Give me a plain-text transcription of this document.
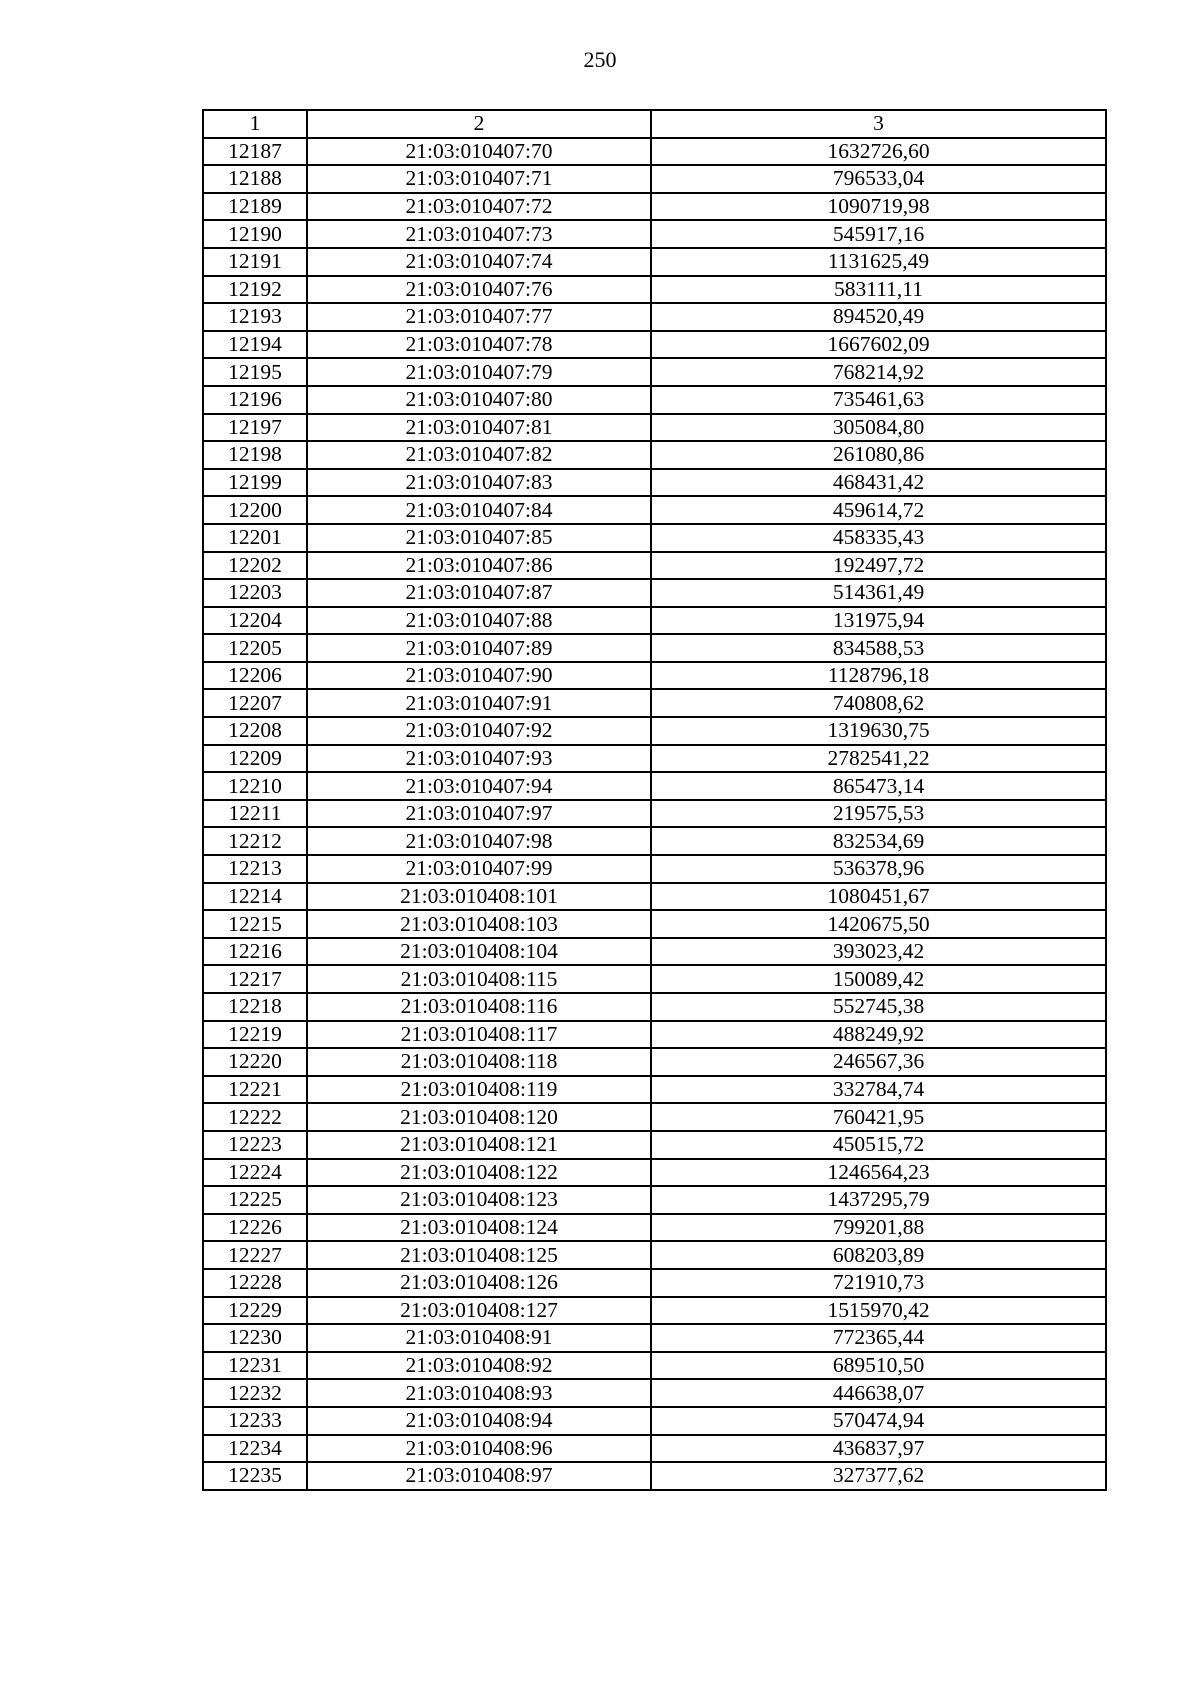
250
1	2	3
12187	21:03:010407:70	1632726,60
12188	21:03:010407:71	796533,04
12189	21:03:010407:72	1090719,98
12190	21:03:010407:73	545917,16
12191	21:03:010407:74	1131625,49
12192	21:03:010407:76	583111,11
12193	21:03:010407:77	894520,49
12194	21:03:010407:78	1667602,09
12195	21:03:010407:79	768214,92
12196	21:03:010407:80	735461,63
12197	21:03:010407:81	305084,80
12198	21:03:010407:82	261080,86
12199	21:03:010407:83	468431,42
12200	21:03:010407:84	459614,72
12201	21:03:010407:85	458335,43
12202	21:03:010407:86	192497,72
12203	21:03:010407:87	514361,49
12204	21:03:010407:88	131975,94
12205	21:03:010407:89	834588,53
12206	21:03:010407:90	1128796,18
12207	21:03:010407:91	740808,62
12208	21:03:010407:92	1319630,75
12209	21:03:010407:93	2782541,22
12210	21:03:010407:94	865473,14
12211	21:03:010407:97	219575,53
12212	21:03:010407:98	832534,69
12213	21:03:010407:99	536378,96
12214	21:03:010408:101	1080451,67
12215	21:03:010408:103	1420675,50
12216	21:03:010408:104	393023,42
12217	21:03:010408:115	150089,42
12218	21:03:010408:116	552745,38
12219	21:03:010408:117	488249,92
12220	21:03:010408:118	246567,36
12221	21:03:010408:119	332784,74
12222	21:03:010408:120	760421,95
12223	21:03:010408:121	450515,72
12224	21:03:010408:122	1246564,23
12225	21:03:010408:123	1437295,79
12226	21:03:010408:124	799201,88
12227	21:03:010408:125	608203,89
12228	21:03:010408:126	721910,73
12229	21:03:010408:127	1515970,42
12230	21:03:010408:91	772365,44
12231	21:03:010408:92	689510,50
12232	21:03:010408:93	446638,07
12233	21:03:010408:94	570474,94
12234	21:03:010408:96	436837,97
12235	21:03:010408:97	327377,62
